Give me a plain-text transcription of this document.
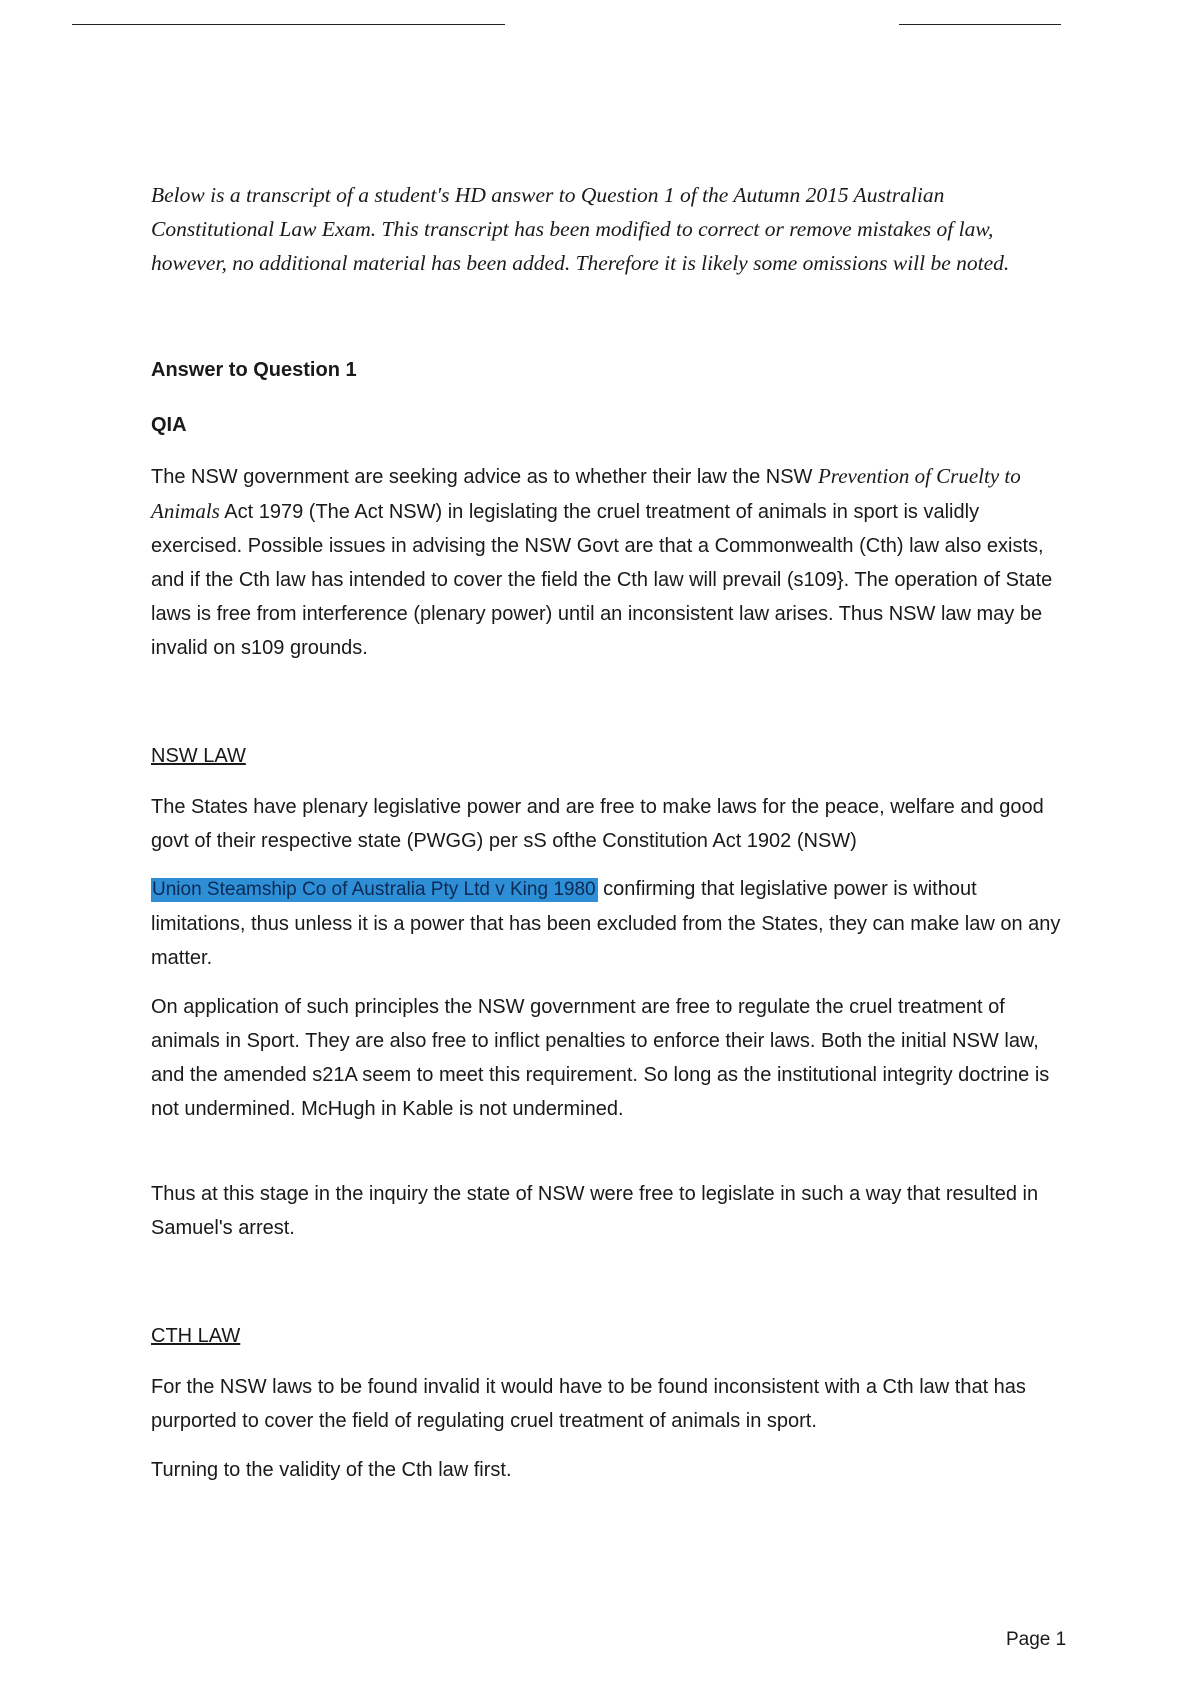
Below is a transcript of a student's HD answer to Question 1 of the Autumn 2015 Australian Constitutional Law Exam. This transcript has been modified to correct or remove mistakes of law, however, no additional material has been added. Therefore it is likely some omissions will be noted.

Answer to Question 1

QIA

The NSW government are seeking advice as to whether their law the NSW Prevention of Cruelty to Animals Act 1979 (The Act NSW) in legislating the cruel treatment of animals in sport is validly exercised. Possible issues in advising the NSW Govt are that a Commonwealth (Cth) law also exists, and if the Cth law has intended to cover the field the Cth law will prevail (s109}. The operation of State laws is free from interference (plenary power) until an inconsistent law arises. Thus NSW law may be invalid on s109 grounds.

NSW LAW

The States have plenary legislative power and are free to make laws for the peace, welfare and good govt of their respective state (PWGG) per sS ofthe Constitution Act 1902 (NSW)

Union Steamship Co of Australia Pty Ltd v King 1980 confirming that legislative power is without limitations, thus unless it is a power that has been excluded from the States, they can make law on any matter.

On application of such principles the NSW government are free to regulate the cruel treatment of animals in Sport. They are also free to inflict penalties to enforce their laws. Both the initial NSW law, and the amended s21A seem to meet this requirement. So long as the institutional integrity doctrine is not undermined. McHugh in Kable is not undermined.

Thus at this stage in the inquiry the state of NSW were free to legislate in such a way that resulted in Samuel's arrest.

CTH LAW

For the NSW laws to be found invalid it would have to be found inconsistent with a Cth law that has purported to cover the field of regulating cruel treatment of animals in sport.

Turning to the validity of the Cth law first.

Page 1
